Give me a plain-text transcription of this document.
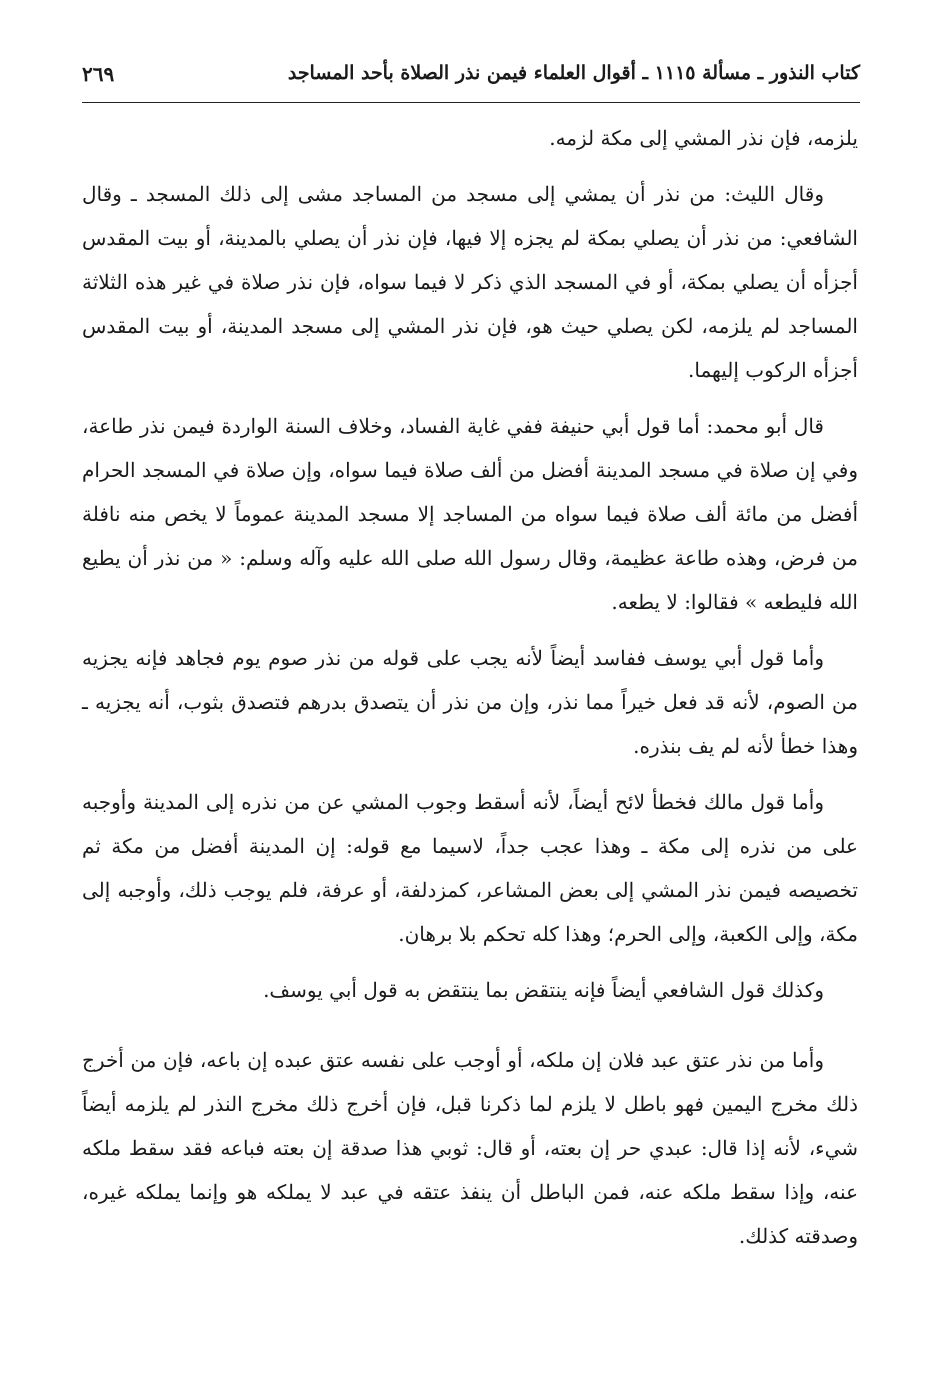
كتاب النذور ـ مسألة ١١١٥ ـ أقوال العلماء فيمن نذر الصلاة بأحد المساجد
٢٦٩

يلزمه، فإن نذر المشي إلى مكة لزمه.

وقال الليث: من نذر أن يمشي إلى مسجد من المساجد مشى إلى ذلك المسجد ـ وقال الشافعي: من نذر أن يصلي بمكة لم يجزه إلا فيها، فإن نذر أن يصلي بالمدينة، أو بيت المقدس أجزأه أن يصلي بمكة، أو في المسجد الذي ذكر لا فيما سواه، فإن نذر صلاة في غير هذه الثلاثة المساجد لم يلزمه، لكن يصلي حيث هو، فإن نذر المشي إلى مسجد المدينة، أو بيت المقدس أجزأه الركوب إليهما.

قال أبو محمد: أما قول أبي حنيفة ففي غاية الفساد، وخلاف السنة الواردة فيمن نذر طاعة، وفي إن صلاة في مسجد المدينة أفضل من ألف صلاة فيما سواه، وإن صلاة في المسجد الحرام أفضل من مائة ألف صلاة فيما سواه من المساجد إلا مسجد المدينة عموماً لا يخص منه نافلة من فرض، وهذه طاعة عظيمة، وقال رسول الله صلى الله عليه وآله وسلم: « من نذر أن يطيع الله فليطعه » فقالوا: لا يطعه.

وأما قول أبي يوسف ففاسد أيضاً لأنه يجب على قوله من نذر صوم يوم فجاهد فإنه يجزيه من الصوم، لأنه قد فعل خيراً مما نذر، وإن من نذر أن يتصدق بدرهم فتصدق بثوب، أنه يجزيه ـ وهذا خطأ لأنه لم يف بنذره.

وأما قول مالك فخطأ لائح أيضاً، لأنه أسقط وجوب المشي عن من نذره إلى المدينة وأوجبه على من نذره إلى مكة ـ وهذا عجب جداً، لاسيما مع قوله: إن المدينة أفضل من مكة ثم تخصيصه فيمن نذر المشي إلى بعض المشاعر، كمزدلفة، أو عرفة، فلم يوجب ذلك، وأوجبه إلى مكة، وإلى الكعبة، وإلى الحرم؛ وهذا كله تحكم بلا برهان.

وكذلك قول الشافعي أيضاً فإنه ينتقض بما ينتقض به قول أبي يوسف.

وأما من نذر عتق عبد فلان إن ملكه، أو أوجب على نفسه عتق عبده إن باعه، فإن من أخرج ذلك مخرج اليمين فهو باطل لا يلزم لما ذكرنا قبل، فإن أخرج ذلك مخرج النذر لم يلزمه أيضاً شيء، لأنه إذا قال: عبدي حر إن بعته، أو قال: ثوبي هذا صدقة إن بعته فباعه فقد سقط ملكه عنه، وإذا سقط ملكه عنه، فمن الباطل أن ينفذ عتقه في عبد لا يملكه هو وإنما يملكه غيره، وصدقته كذلك.
